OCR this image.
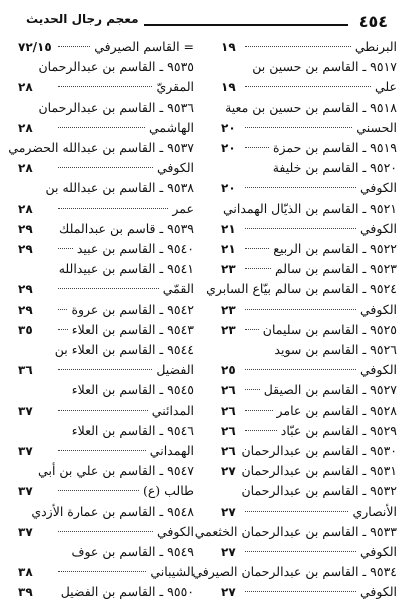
٤٥٤
معجم رجال الحديث
البرنطي
١٩
٩٥١٧ ـ القاسم بن حسين بن
علي
١٩
٩٥١٨ ـ القاسم بن حسين بن معية
الحسني
٢٠
٩٥١٩ ـ القاسم بن حمزة
٢٠
٩٥٢٠ ـ القاسم بن خليفة
الكوفي
٢٠
٩٥٢١ ـ القاسم بن الذيّال الهمداني
الكوفي
٢١
٩٥٢٢ ـ القاسم بن الربيع
٢١
٩٥٢٣ ـ القاسم بن سالم
٢٣
٩٥٢٤ ـ القاسم بن سالم بيّاع السابري
الكوفي
٢٣
٩٥٢٥ ـ القاسم بن سليمان
٢٣
٩٥٢٦ ـ القاسم بن سويد
الكوفي
٢٥
٩٥٢٧ ـ القاسم بن الصيقل
٢٦
٩٥٢٨ ـ القاسم بن عامر
٢٦
٩٥٢٩ ـ القاسم بن عبّاد
٢٦
٩٥٣٠ ـ القاسم بن عبدالرحمان
٢٦
٩٥٣١ ـ القاسم بن عبدالرحمان
٢٧
٩٥٣٢ ـ القاسم بن عبدالرحمان
الأنصاري
٢٧
٩٥٣٣ ـ القاسم بن عبدالرحمان الخثعمي
الكوفي
٢٧
٩٥٣٤ ـ القاسم بن عبدالرحمان الصيرفي
الكوفي
٢٧
= القاسم الصيرفي
٧٢/١٥
٩٥٣٥ ـ القاسم بن عبدالرحمان
المقريّ
٢٨
٩٥٣٦ ـ القاسم بن عبدالرحمان
الهاشمي
٢٨
٩٥٣٧ ـ القاسم بن عبدالله الحضرمي
الكوفي
٢٨
٩٥٣٨ ـ القاسم بن عبدالله بن
عمر
٢٨
٩٥٣٩ ـ قاسم بن عبدالملك
٢٩
٩٥٤٠ ـ القاسم بن عبيد
٢٩
٩٥٤١ ـ القاسم بن عبيدالله
القمّي
٢٩
٩٥٤٢ ـ القاسم بن عروة
٢٩
٩٥٤٣ ـ القاسم بن العلاء
٣٥
٩٥٤٤ ـ القاسم بن العلاء بن
الفضيل
٣٦
٩٥٤٥ ـ القاسم بن العلاء
المدائني
٣٧
٩٥٤٦ ـ القاسم بن العلاء
الهمداني
٣٧
٩٥٤٧ ـ القاسم بن علي بن أبي
طالب (ع)
٣٧
٩٥٤٨ ـ القاسم بن عمارة الأزدي
الكوفي
٣٧
٩٥٤٩ ـ القاسم بن عوف
الشيباني
٣٨
٩٥٥٠ ـ القاسم بن الفضيل
٣٩
